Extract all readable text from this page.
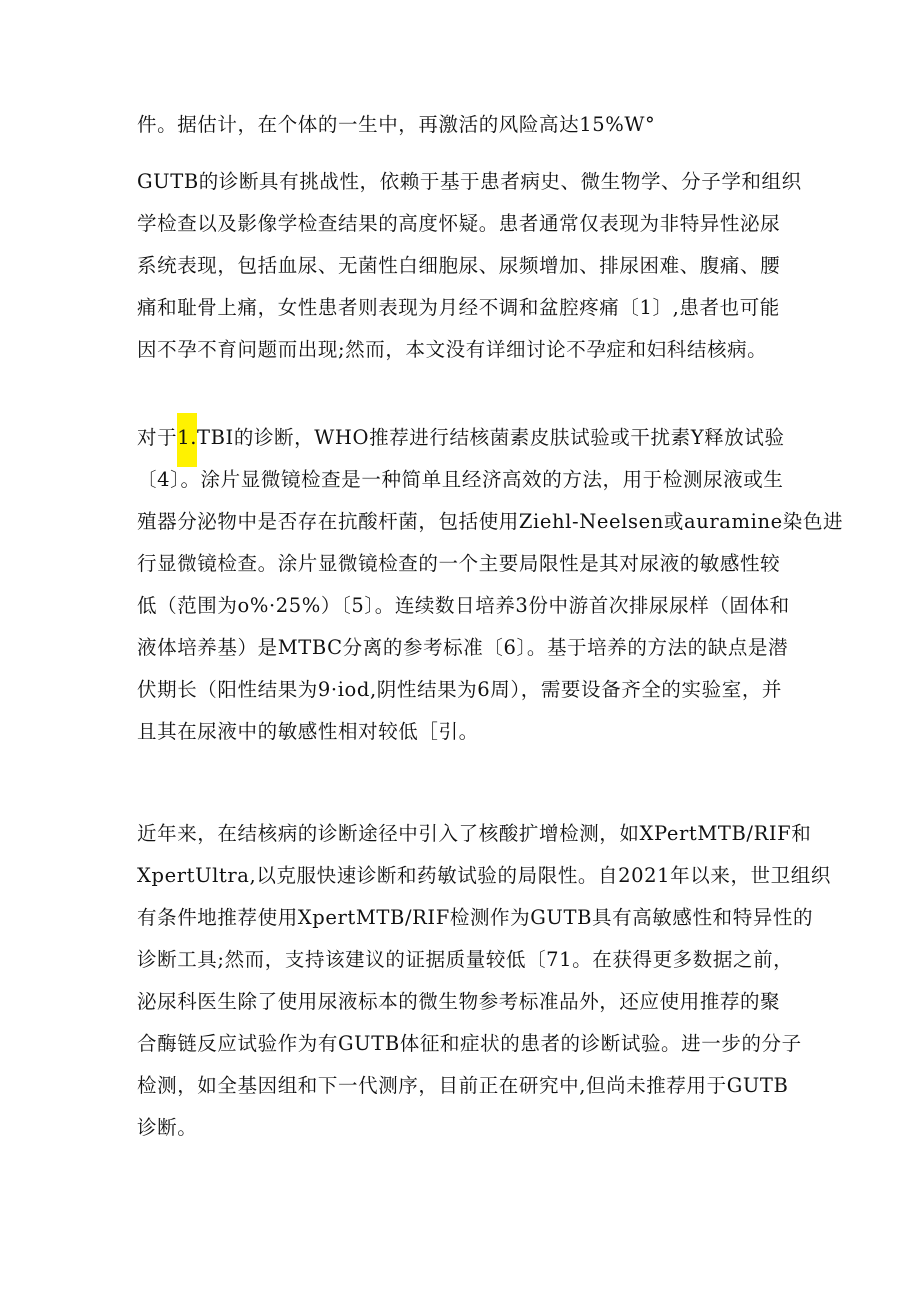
件。据估计，在个体的一生中，再激活的风险高达15%W°
GUTB的诊断具有挑战性，依赖于基于患者病史、微生物学、分子学和组织
学检查以及影像学检查结果的高度怀疑。患者通常仅表现为非特异性泌尿
系统表现，包括血尿、无菌性白细胞尿、尿频增加、排尿困难、腹痛、腰
痛和耻骨上痛，女性患者则表现为月经不调和盆腔疼痛〔1〕,患者也可能
因不孕不育问题而出现;然而，本文没有详细讨论不孕症和妇科结核病。
对于1.TBI的诊断，WHO推荐进行结核菌素皮肤试验或干扰素Y释放试验
〔4〕。涂片显微镜检查是一种简单且经济高效的方法，用于检测尿液或生
殖器分泌物中是否存在抗酸杆菌，包括使用Ziehl-Neelsen或auramine染色进
行显微镜检查。涂片显微镜检查的一个主要局限性是其对尿液的敏感性较
低（范围为o%·25%）〔5〕。连续数日培养3份中游首次排尿尿样（固体和
液体培养基）是MTBC分离的参考标准〔6〕。基于培养的方法的缺点是潜
伏期长（阳性结果为9·iod,阴性结果为6周），需要设备齐全的实验室，并
且其在尿液中的敏感性相对较低［引。
近年来，在结核病的诊断途径中引入了核酸扩增检测，如XPertMTB/RIF和
XpertUltra,以克服快速诊断和药敏试验的局限性。自2021年以来，世卫组织
有条件地推荐使用XpertMTB/RIF检测作为GUTB具有高敏感性和特异性的
诊断工具;然而，支持该建议的证据质量较低〔71。在获得更多数据之前，
泌尿科医生除了使用尿液标本的微生物参考标准品外，还应使用推荐的聚
合酶链反应试验作为有GUTB体征和症状的患者的诊断试验。进一步的分子
检测，如全基因组和下一代测序，目前正在研究中,但尚未推荐用于GUTB
诊断。
